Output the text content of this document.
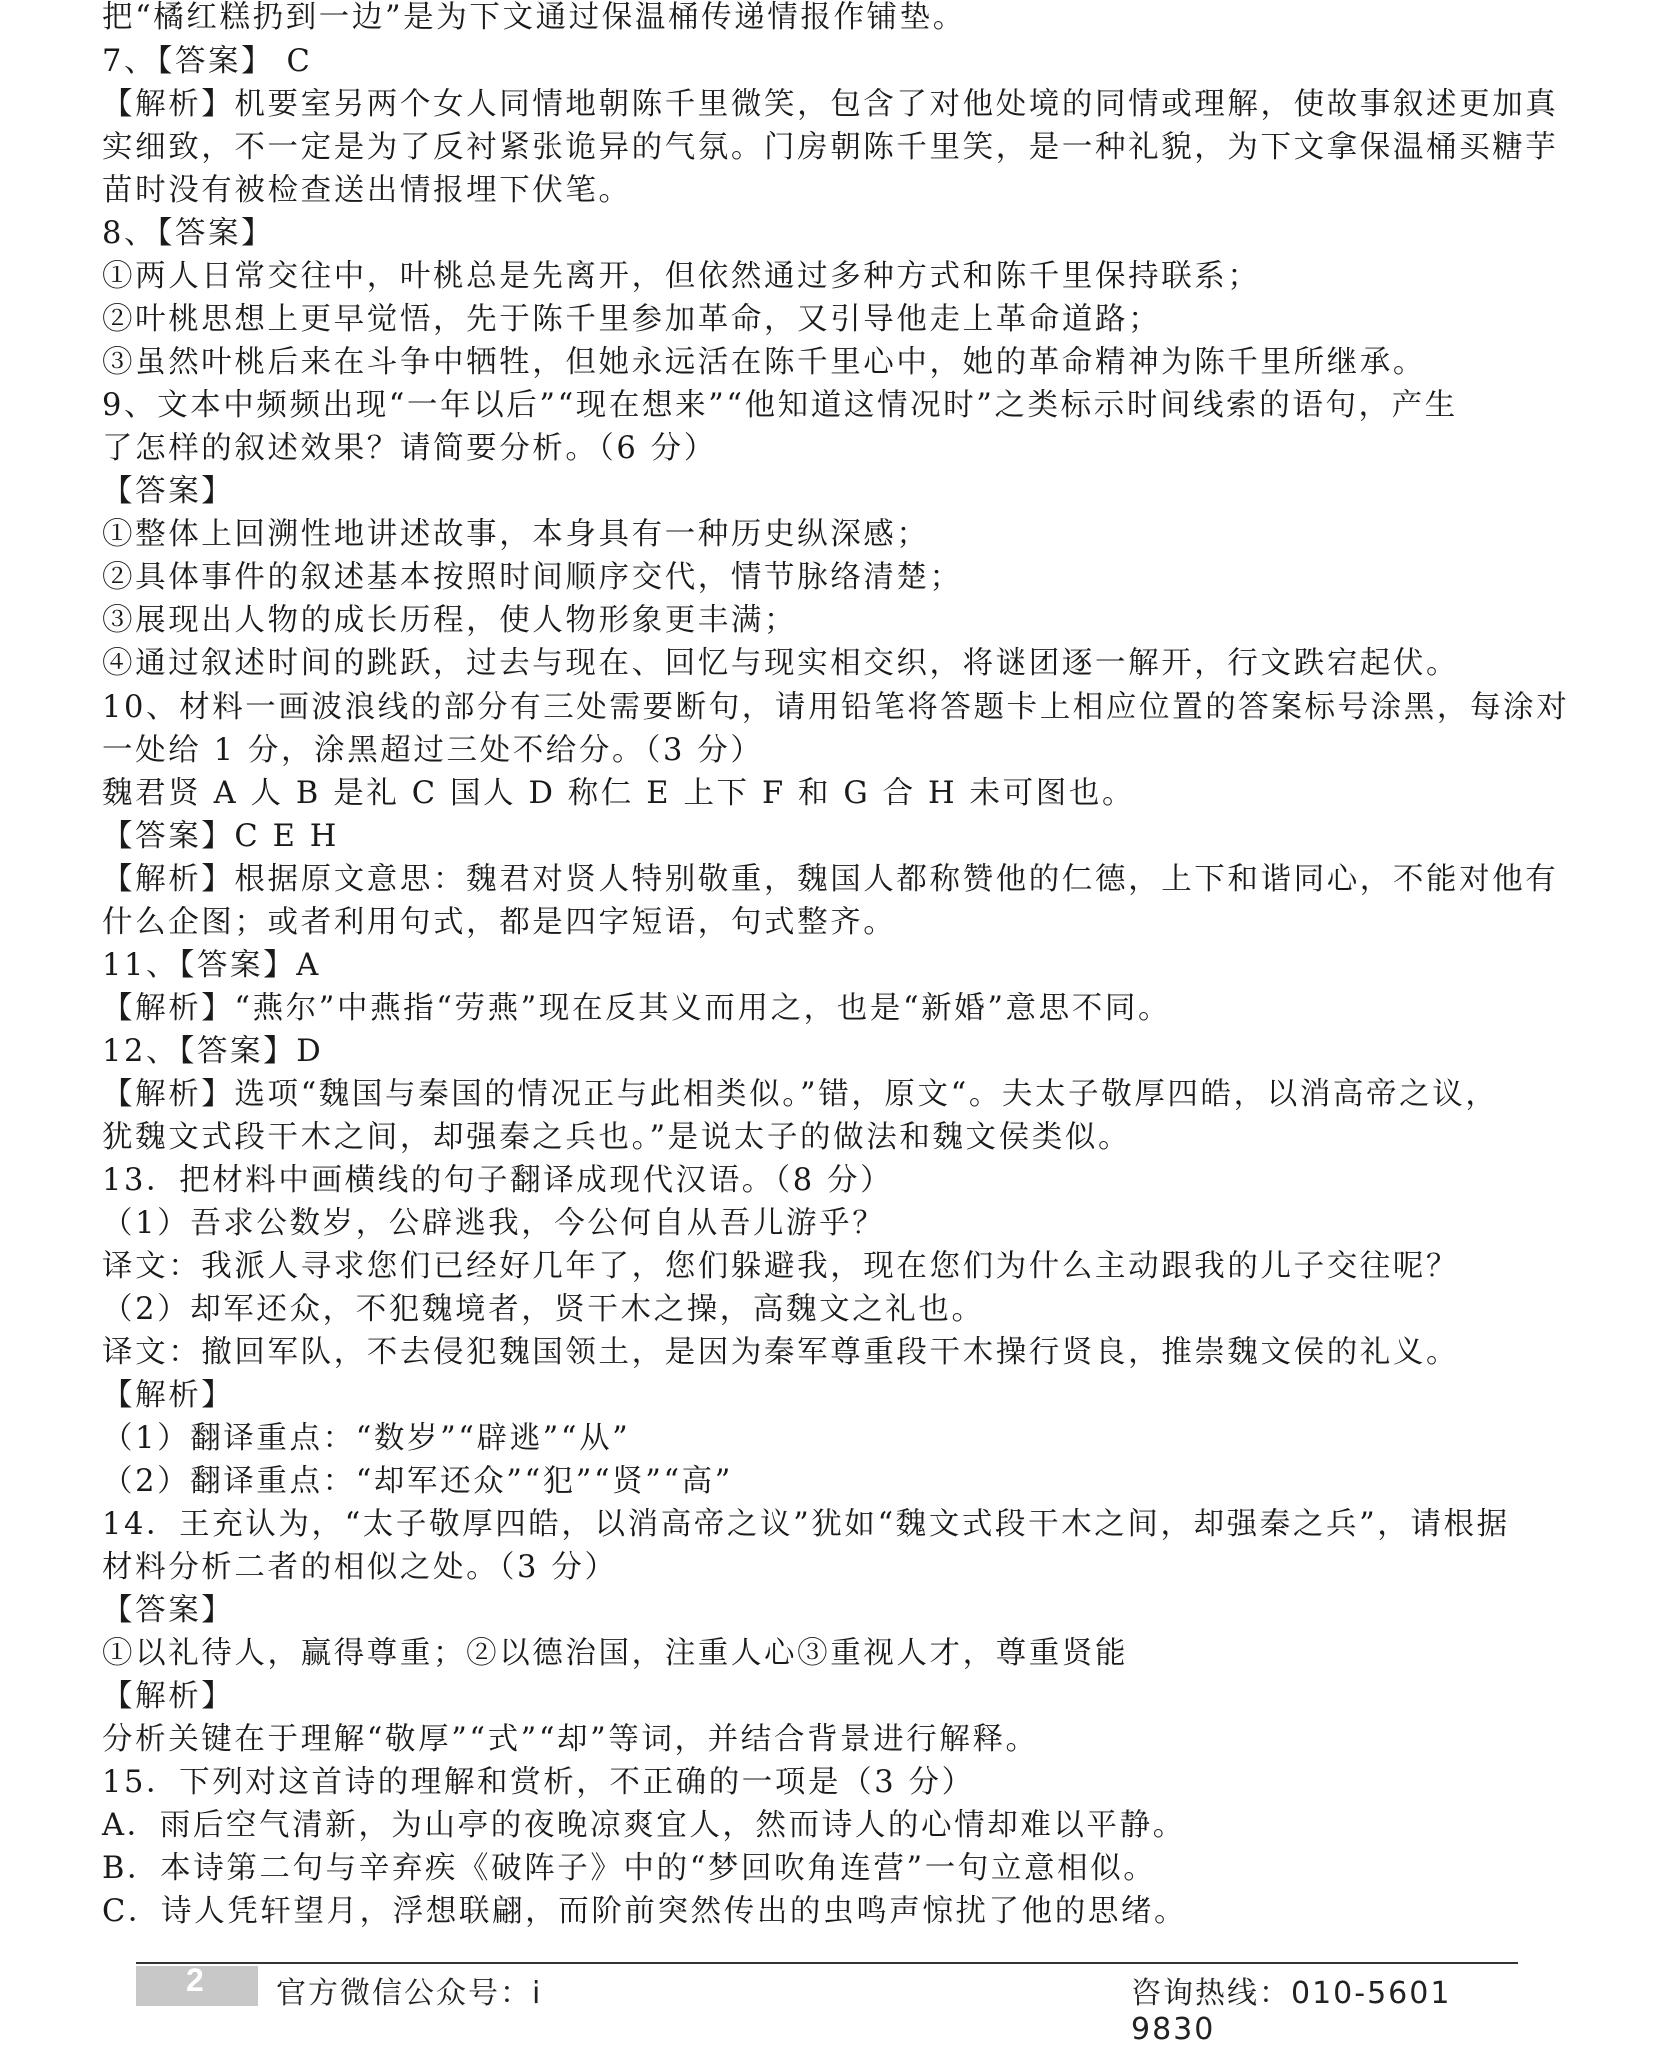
把“橘红糕扔到一边”是为下文通过保温桶传递情报作铺垫。
7、【答案】 C
【解析】机要室另两个女人同情地朝陈千里微笑，包含了对他处境的同情或理解，使故事叙述更加真
实细致，不一定是为了反衬紧张诡异的气氛。门房朝陈千里笑，是一种礼貌，为下文拿保温桶买糖芋
苗时没有被检查送出情报埋下伏笔。
8、【答案】
①两人日常交往中，叶桃总是先离开，但依然通过多种方式和陈千里保持联系；
②叶桃思想上更早觉悟，先于陈千里参加革命，又引导他走上革命道路；
③虽然叶桃后来在斗争中牺牲，但她永远活在陈千里心中，她的革命精神为陈千里所继承。
9、文本中频频出现“一年以后”“现在想来”“他知道这情况时”之类标示时间线索的语句，产生
了怎样的叙述效果？请简要分析。（6 分）
【答案】
①整体上回溯性地讲述故事，本身具有一种历史纵深感；
②具体事件的叙述基本按照时间顺序交代，情节脉络清楚；
③展现出人物的成长历程，使人物形象更丰满；
④通过叙述时间的跳跃，过去与现在、回忆与现实相交织，将谜团逐一解开，行文跌宕起伏。
10、材料一画波浪线的部分有三处需要断句，请用铅笔将答题卡上相应位置的答案标号涂黑，每涂对
一处给 1 分，涂黑超过三处不给分。（3 分）
魏君贤 A 人 B 是礼 C 国人 D 称仁 E 上下 F 和 G 合 H 未可图也。
【答案】C E H
【解析】根据原文意思：魏君对贤人特别敬重，魏国人都称赞他的仁德，上下和谐同心，不能对他有
什么企图；或者利用句式，都是四字短语，句式整齐。
11、【答案】A
【解析】“燕尔”中燕指“劳燕”现在反其义而用之，也是“新婚”意思不同。
12、【答案】D
【解析】选项“魏国与秦国的情况正与此相类似。”错，原文“。夫太子敬厚四皓，以消高帝之议，
犹魏文式段干木之间，却强秦之兵也。”是说太子的做法和魏文侯类似。
13．把材料中画横线的句子翻译成现代汉语。（8 分）
（1）吾求公数岁，公辟逃我，今公何自从吾儿游乎？
译文：我派人寻求您们已经好几年了，您们躲避我，现在您们为什么主动跟我的儿子交往呢？
（2）却军还众，不犯魏境者，贤干木之操，高魏文之礼也。
译文：撤回军队，不去侵犯魏国领土，是因为秦军尊重段干木操行贤良，推崇魏文侯的礼义。
【解析】
（1）翻译重点：“数岁”“辟逃”“从”
（2）翻译重点：“却军还众”“犯”“贤”“高”
14．王充认为，“太子敬厚四皓，以消高帝之议”犹如“魏文式段干木之间，却强秦之兵”，请根据
材料分析二者的相似之处。（3 分）
【答案】
①以礼待人，赢得尊重；②以德治国，注重人心③重视人才，尊重贤能
【解析】
分析关键在于理解“敬厚”“式”“却”等词，并结合背景进行解释。
15．下列对这首诗的理解和赏析，不正确的一项是（3 分）
A．雨后空气清新，为山亭的夜晚凉爽宜人，然而诗人的心情却难以平静。
B．本诗第二句与辛弃疾《破阵子》中的“梦回吹角连营”一句立意相似。
C．诗人凭轩望月，浮想联翩，而阶前突然传出的虫鸣声惊扰了他的思绪。
2 官方微信公众号：i	咨询热线：010-5601 9830
